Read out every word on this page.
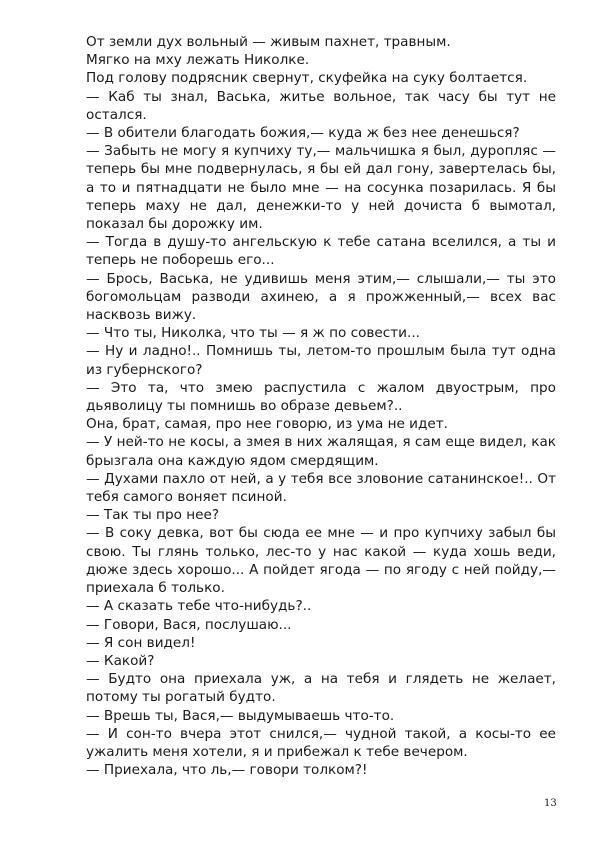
От земли дух вольный — живым пахнет, травным.

Мягко на мху лежать Николке.

Под голову подрясник свернут, скуфейка на суку болтается.

— Каб ты знал, Васька, житье вольное, так часу бы тут не остался.

— В обители благодать божия,— куда ж без нее денешься?

— Забыть не могу я купчиху ту,— мальчишка я был, дуропляс — теперь бы мне подвернулась, я бы ей дал гону, завертелась бы, а то и пятнадцати не было мне — на сосунка позарилась. Я бы теперь маху не дал, денежки-то у ней дочиста б вымотал, показал бы дорожку им.

— Тогда в душу-то ангельскую к тебе сатана вселился, а ты и теперь не поборешь его...

— Брось, Васька, не удивишь меня этим,— слышали,— ты это богомольцам разводи ахинею, а я прожженный,— всех вас насквозь вижу.

— Что ты, Николка, что ты — я ж по совести...

— Ну и ладно!.. Помнишь ты, летом-то прошлым была тут одна из губернского?

— Это та, что змею распустила с жалом двуострым, про дьяволицу ты помнишь во образе девьем?..

Она, брат, самая, про нее говорю, из ума не идет.

— У ней-то не косы, а змея в них жалящая, я сам еще видел, как брызгала она каждую ядом смердящим.

— Духами пахло от ней, а у тебя все зловоние сатанинское!.. От тебя самого воняет псиной.

— Так ты про нее?

— В соку девка, вот бы сюда ее мне — и про купчиху забыл бы свою. Ты глянь только, лес-то у нас какой — куда хошь веди, дюже здесь хорошо... А пойдет ягода — по ягоду с ней пойду,— приехала б только.

— А сказать тебе что-нибудь?..

— Говори, Вася, послушаю...

— Я сон видел!

— Какой?

— Будто она приехала уж, а на тебя и глядеть не желает, потому ты рогатый будто.

— Врешь ты, Вася,— выдумываешь что-то.

— И сон-то вчера этот снился,— чудной такой, а косы-то ее ужалить меня хотели, я и прибежал к тебе вечером.

— Приехала, что ль,— говори толком?!

13
